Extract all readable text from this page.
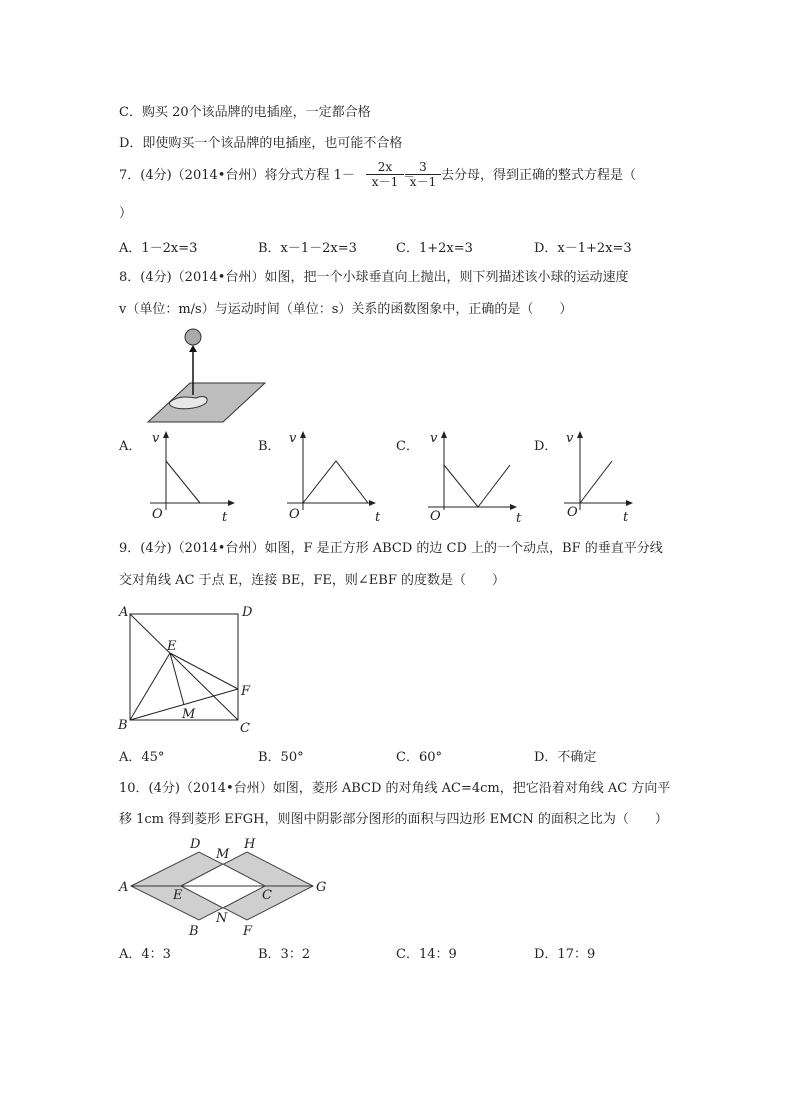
C．购买 20个该品牌的电插座，一定都合格
D．即使购买一个该品牌的电插座，也可能不合格
7．(4分)（2014•台州）将分式方程 $1- \frac{2x}{x-1}$ ＝
$\frac{3}{x-1}$ 去分母，得到正确的整式方程是（
）
A．1－2x=3	B．x－1－2x=3	C．1+2x=3	D．x－1+2x=3
8．(4分)（2014•台州）如图，把一个小球垂直向上抛出，则下列描述该小球的运动速度
v（单位：m/s）与运动时间（单位：s）关系的函数图象中，正确的是（　　）
A．	B．	C．	D．
v
O	t
v
O	t
v
O	t
v
O	t
9．(4分)（2014•台州）如图，F 是正方形 ABCD 的边 CD 上的一个动点，BF 的垂直平分线
交对角线 AC 于点 E，连接 BE，FE，则∠EBF 的度数是（　　）
A	D
B	C
E
F
M
A．45°	B．50°	C．60°	D．不确定
10．(4分)（2014•台州）如图，菱形 ABCD 的对角线 AC=4cm，把它沿着对角线 AC 方向平
移 1cm 得到菱形 EFGH，则图中阴影部分图形的面积与四边形 EMCN 的面积之比为（　　）
A
D
M
H
E	C
G
N
B	F
A．4：3	B．3：2	C．14：9	D．17：9
